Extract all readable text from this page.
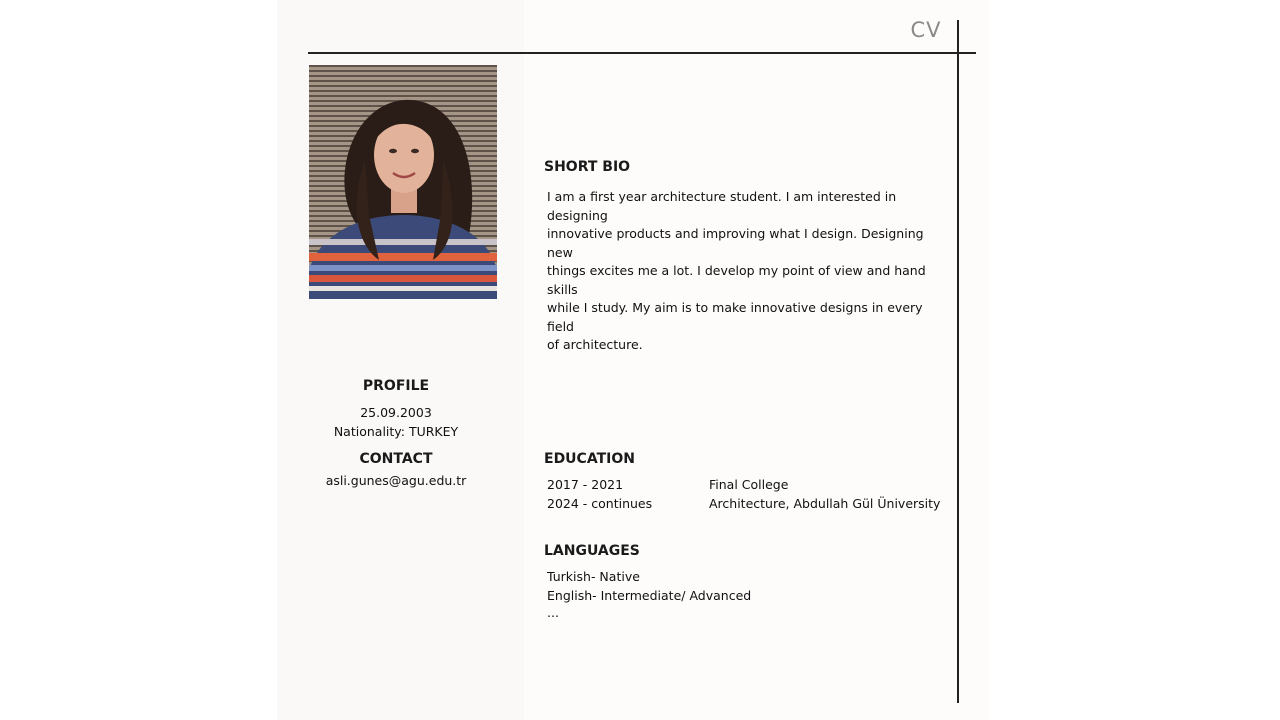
CV
PROFILE
25.09.2003
Nationality: TURKEY
CONTACT
asli.gunes@agu.edu.tr
SHORT BIO
I am a first year architecture student. I am interested in designing
innovative products and improving what I design. Designing new
things excites me a lot. I develop my point of view and hand skills
while I study. My aim is to make innovative designs in every field
of architecture.
EDUCATION
2017 - 2021	Final College
2024 - continues	Architecture, Abdullah Gül Üniversity
LANGUAGES
Turkish- Native
English- Intermediate/ Advanced
...
